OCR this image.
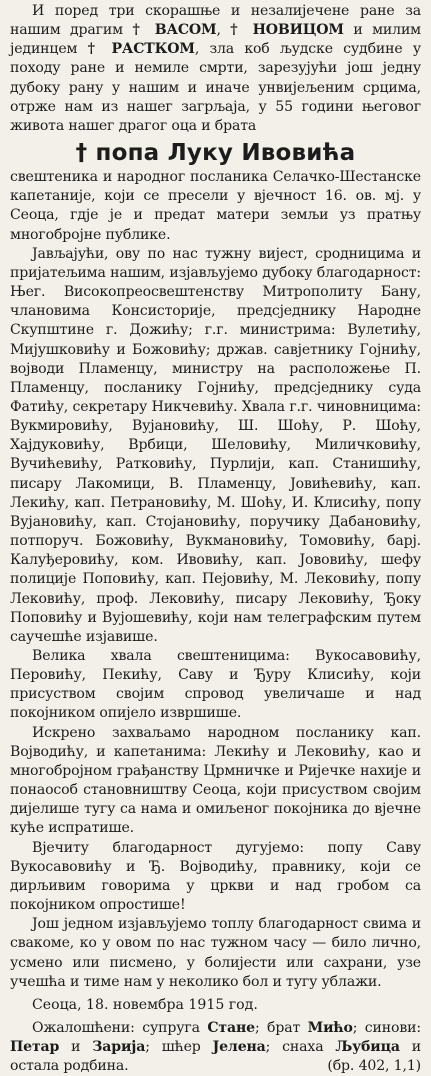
И поред три скорашње и незалијечене ране за нашим драгим † ВАСОМ, † НОВИЦОМ и милим јединцем † РАСТКОМ, зла коб људске судбине у походу ране и немиле смрти, зарезујући још једну дубоку рану у нашим и иначе унвијељеним срцима, отрже нам из нашег загрљаја, у 55 години његовог живота нашег драгог оца и брата

† попа Луку Ивовића

свештеника и народног посланика Селачко-Шестанске капетаније, који се пресели у вјечност 16. ов. мј. у Сеоца, гдје је и предат матери земљи уз пратњу многобројне публике.

Јављајући, ову по нас тужну вијест, сродницима и пријатељима нашим, изјављујемо дубоку благодарност: Њег. Високопреосвештенству Митрополиту Бану, члановима Консисторије, предсједнику Народне Скупштине г. Дожићу; г.г. министрима: Вулетићу, Мијушковићу и Божовићу; држав. савјетнику Гојнићу, војводи Пламенцу, министру на расположење П. Пламенцу, посланику Гојнићу, предсједнику суда Фатићу, секретару Никчевићу. Хвала г.г. чиновницима: Вукмировићу, Вујановићу, Ш. Шоћу, Р. Шоћу, Хајдуковићу, Врбици, Шеловићу, Миличковићу, Вучићевићу, Ратковићу, Пурлији, кап. Станишићу, писару Лакомици, В. Пламенцу, Јовићевићу, кап. Лекићу, кап. Петрановићу, М. Шоћу, И. Клисићу, попу Вујановићу, кап. Стојановићу, поручику Дабановићу, потпоруч. Божовићу, Вукмановићу, Томовићу, барј. Калуђеровићу, ком. Ивовићу, кап. Јововићу, шефу полиције Поповићу, кап. Пејовићу, М. Лековићу, попу Лековићу, проф. Лековићу, писару Лековићу, Ђоку Поповићу и Вујошевићу, који нам телеграфским путем саучешће изјавише.

Велика хвала свештеницима: Вукосавовићу, Перовићу, Пекићу, Саву и Ђуру Клисићу, који присуством својим спровод увеличаше и над покојником опијело извршише.

Искрено захваљамо народном посланику кап. Војводићу, и капетанима: Лекићу и Лековићу, као и многобројном грађанству Црмничке и Ријечке нахије и понаособ становништву Сеоца, који присуством својим дијелише тугу са нама и омиљеног покојника до вјечне куће испратише.

Вјечиту благодарност дугујемо: попу Саву Вукосавовићу и Ђ. Војводићу, правнику, који се дирљивим говорима у цркви и над гробом са покојником опростише!

Још једном изјављујемо топлу благодарност свима и свакоме, ко у овом по нас тужном часу — било лично, усмено или писмено, у болијести или сахрани, узе учешћа и тиме нам у неколико бол и тугу ублажи.

Сеоца, 18. новембра 1915 год.

Ожалошћени: супруга Стане; брат Мићо; синови: Петар и Зарија; шћер Јелена; снаха Љубица и остала родбина.	(бр. 402, 1,1)
